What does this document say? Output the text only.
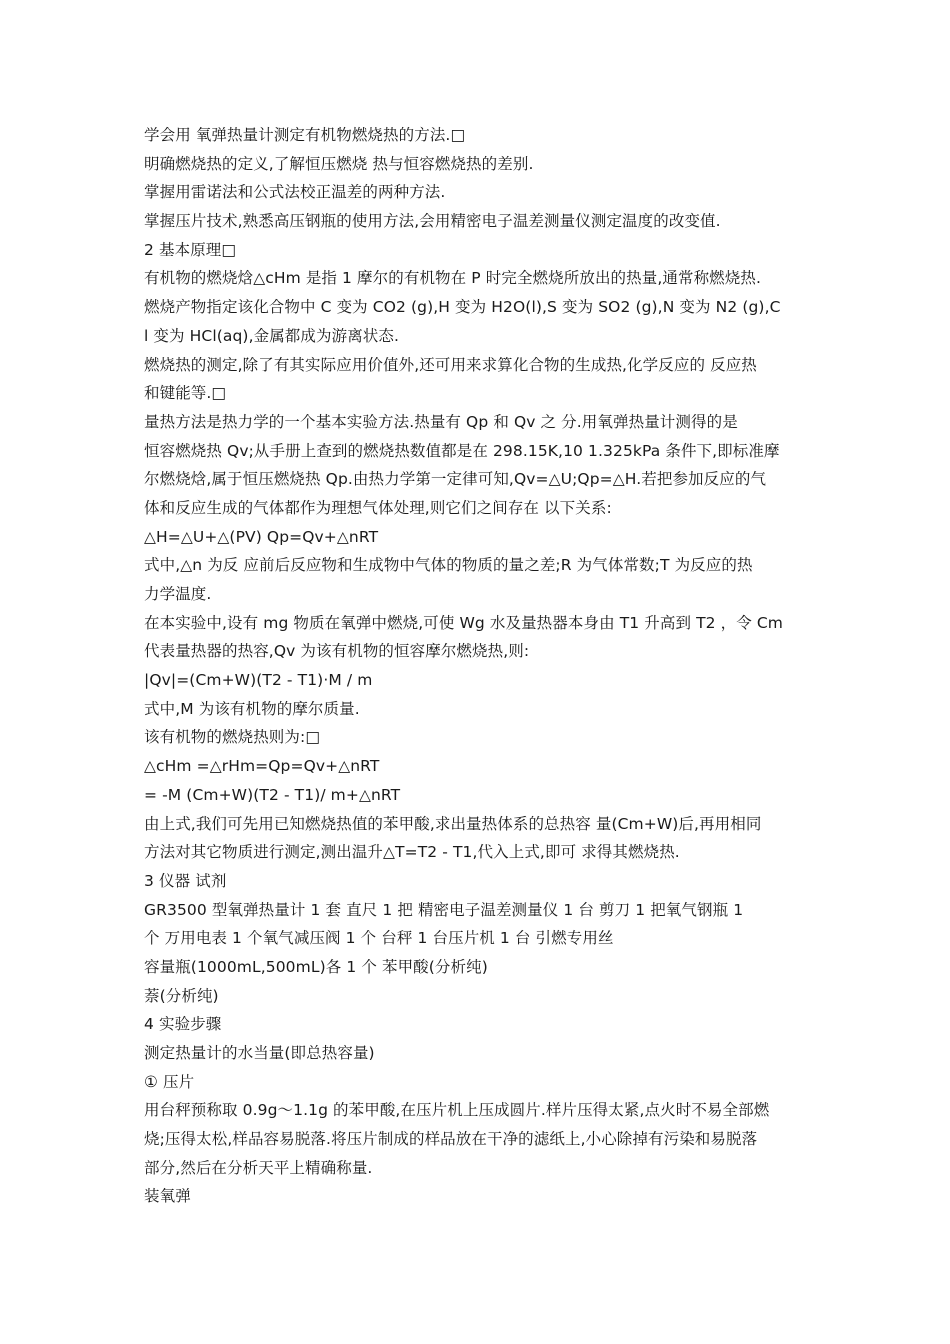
学会用 氧弹热量计测定有机物燃烧热的方法.□
明确燃烧热的定义,了解恒压燃烧 热与恒容燃烧热的差别.
掌握用雷诺法和公式法校正温差的两种方法.
掌握压片技术,熟悉高压钢瓶的使用方法,会用精密电子温差测量仪测定温度的改变值.
2 基本原理□
有机物的燃烧焓△cHm 是指 1 摩尔的有机物在 P 时完全燃烧所放出的热量,通常称燃烧热.
燃烧产物指定该化合物中 C 变为 CO2 (g),H 变为 H2O(l),S 变为 SO2 (g),N 变为 N2 (g),C
l 变为 HCl(aq),金属都成为游离状态.
燃烧热的测定,除了有其实际应用价值外,还可用来求算化合物的生成热,化学反应的 反应热
和键能等.□
量热方法是热力学的一个基本实验方法.热量有 Qp 和 Qv 之 分.用氧弹热量计测得的是
恒容燃烧热 Qv;从手册上查到的燃烧热数值都是在 298.15K,10 1.325kPa 条件下,即标准摩
尔燃烧焓,属于恒压燃烧热 Qp.由热力学第一定律可知,Qv=△U;Qp=△H.若把参加反应的气
体和反应生成的气体都作为理想气体处理,则它们之间存在 以下关系:
△H=△U+△(PV) Qp=Qv+△nRT
式中,△n 为反 应前后反应物和生成物中气体的物质的量之差;R 为气体常数;T 为反应的热
力学温度.
在本实验中,设有 mg 物质在氧弹中燃烧,可使 Wg 水及量热器本身由 T1 升高到 T2 ，令 Cm
代表量热器的热容,Qv 为该有机物的恒容摩尔燃烧热,则:
|Qv|=(Cm+W)(T2 - T1)·M / m
式中,M 为该有机物的摩尔质量.
该有机物的燃烧热则为:□
△cHm =△rHm=Qp=Qv+△nRT
= -M (Cm+W)(T2 - T1)/ m+△nRT
由上式,我们可先用已知燃烧热值的苯甲酸,求出量热体系的总热容 量(Cm+W)后,再用相同
方法对其它物质进行测定,测出温升△T=T2 - T1,代入上式,即可 求得其燃烧热.
3 仪器 试剂
GR3500 型氧弹热量计 1 套 直尺 1 把 精密电子温差测量仪 1 台 剪刀 1 把氧气钢瓶 1
个 万用电表 1 个氧气减压阀 1 个 台秤 1 台压片机 1 台 引燃专用丝
容量瓶(1000mL,500mL)各 1 个 苯甲酸(分析纯)
萘(分析纯)
4 实验步骤
测定热量计的水当量(即总热容量)
① 压片
用台秤预称取 0.9g～1.1g 的苯甲酸,在压片机上压成圆片.样片压得太紧,点火时不易全部燃
烧;压得太松,样品容易脱落.将压片制成的样品放在干净的滤纸上,小心除掉有污染和易脱落
部分,然后在分析天平上精确称量.
装氧弹
